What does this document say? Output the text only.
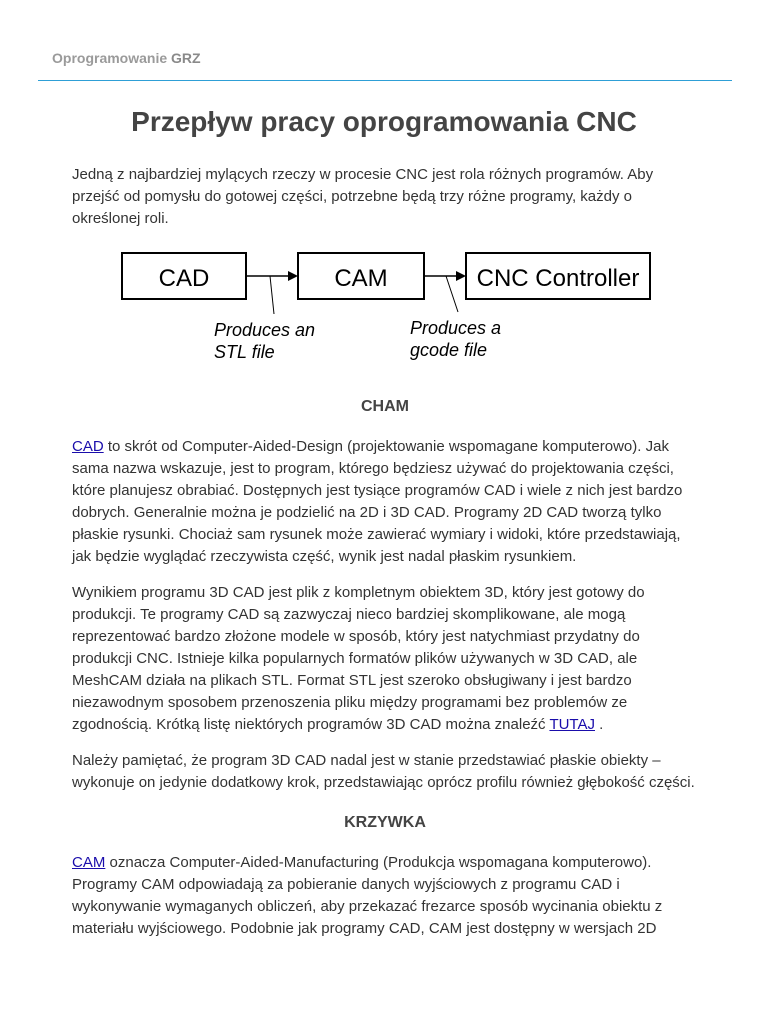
Oprogramowanie GRZ
Przepływ pracy oprogramowania CNC

Jedną z najbardziej mylących rzeczy w procesie CNC jest rola różnych programów. Aby przejść od pomysłu do gotowej części, potrzebne będą trzy różne programy, każdy o określonej roli.

CAD	CAM	CNC Controller
Produces an
STL file
Produces a
gcode file
CHAM

CAD to skrót od Computer-Aided-Design (projektowanie wspomagane komputerowo). Jak sama nazwa wskazuje, jest to program, którego będziesz używać do projektowania części, które planujesz obrabiać. Dostępnych jest tysiące programów CAD i wiele z nich jest bardzo dobrych. Generalnie można je podzielić na 2D i 3D CAD. Programy 2D CAD tworzą tylko płaskie rysunki. Chociaż sam rysunek może zawierać wymiary i widoki, które przedstawiają, jak będzie wyglądać rzeczywista część, wynik jest nadal płaskim rysunkiem.

Wynikiem programu 3D CAD jest plik z kompletnym obiektem 3D, który jest gotowy do produkcji. Te programy CAD są zazwyczaj nieco bardziej skomplikowane, ale mogą reprezentować bardzo złożone modele w sposób, który jest natychmiast przydatny do produkcji CNC. Istnieje kilka popularnych formatów plików używanych w 3D CAD, ale MeshCAM działa na plikach STL. Format STL jest szeroko obsługiwany i jest bardzo niezawodnym sposobem przenoszenia pliku między programami bez problemów ze zgodnością. Krótką listę niektórych programów 3D CAD można znaleźć TUTAJ .

Należy pamiętać, że program 3D CAD nadal jest w stanie przedstawiać płaskie obiekty – wykonuje on jedynie dodatkowy krok, przedstawiając oprócz profilu również głębokość części.

KRZYWKA

CAM oznacza Computer-Aided-Manufacturing (Produkcja wspomagana komputerowo). Programy CAM odpowiadają za pobieranie danych wyjściowych z programu CAD i wykonywanie wymaganych obliczeń, aby przekazać frezarce sposób wycinania obiektu z materiału wyjściowego. Podobnie jak programy CAD, CAM jest dostępny w wersjach 2D
